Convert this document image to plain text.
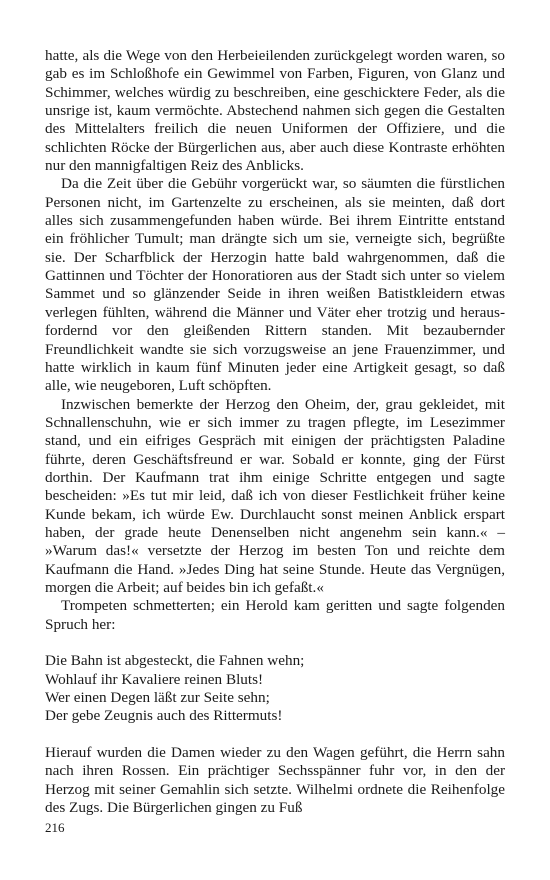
hatte, als die Wege von den Herbeieilenden zurückgelegt worden waren, so gab es im Schloßhofe ein Gewimmel von Farben, Figuren, von Glanz und Schimmer, welches würdig zu beschreiben, eine geschicktere Feder, als die unsrige ist, kaum vermöchte. Abstechend nahmen sich gegen die Gestalten des Mittelalters freilich die neuen Uniformen der Offiziere, und die schlichten Röcke der Bürgerlichen aus, aber auch diese Kontraste erhöhten nur den mannigfaltigen Reiz des Anblicks.

Da die Zeit über die Gebühr vorgerückt war, so säumten die fürstlichen Personen nicht, im Gartenzelte zu erscheinen, als sie meinten, daß dort alles sich zusammengefunden haben würde. Bei ihrem Eintritte entstand ein fröhlicher Tumult; man drängte sich um sie, verneigte sich, begrüßte sie. Der Scharfblick der Herzogin hatte bald wahrgenommen, daß die Gattinnen und Töchter der Honoratioren aus der Stadt sich unter so vielem Sammet und so glänzender Seide in ihren weißen Batistkleidern etwas verlegen fühlten, während die Männer und Väter eher trotzig und herausfordernd vor den gleißenden Rittern standen. Mit bezaubernder Freundlichkeit wandte sie sich vorzugsweise an jene Frauenzimmer, und hatte wirklich in kaum fünf Minuten jeder eine Artigkeit gesagt, so daß alle, wie neugeboren, Luft schöpften.

Inzwischen bemerkte der Herzog den Oheim, der, grau gekleidet, mit Schnallenschuhn, wie er sich immer zu tragen pflegte, im Lesezimmer stand, und ein eifriges Gespräch mit einigen der prächtigsten Paladine führte, deren Geschäftsfreund er war. Sobald er konnte, ging der Fürst dorthin. Der Kaufmann trat ihm einige Schritte entgegen und sagte bescheiden: »Es tut mir leid, daß ich von dieser Festlichkeit früher keine Kunde bekam, ich würde Ew. Durchlaucht sonst meinen Anblick erspart haben, der grade heute Denenselben nicht angenehm sein kann.« – »Warum das!« versetzte der Herzog im besten Ton und reichte dem Kaufmann die Hand. »Jedes Ding hat seine Stunde. Heute das Vergnügen, morgen die Arbeit; auf beides bin ich gefaßt.«

Trompeten schmetterten; ein Herold kam geritten und sagte folgenden Spruch her:

Die Bahn ist abgesteckt, die Fahnen wehn;
Wohlauf ihr Kavaliere reinen Bluts!
Wer einen Degen läßt zur Seite sehn;
Der gebe Zeugnis auch des Rittermuts!

Hierauf wurden die Damen wieder zu den Wagen geführt, die Herrn sahn nach ihren Rossen. Ein prächtiger Sechsspänner fuhr vor, in den der Herzog mit seiner Gemahlin sich setzte. Wilhelmi ordnete die Reihenfolge des Zugs. Die Bürgerlichen gingen zu Fuß

216
